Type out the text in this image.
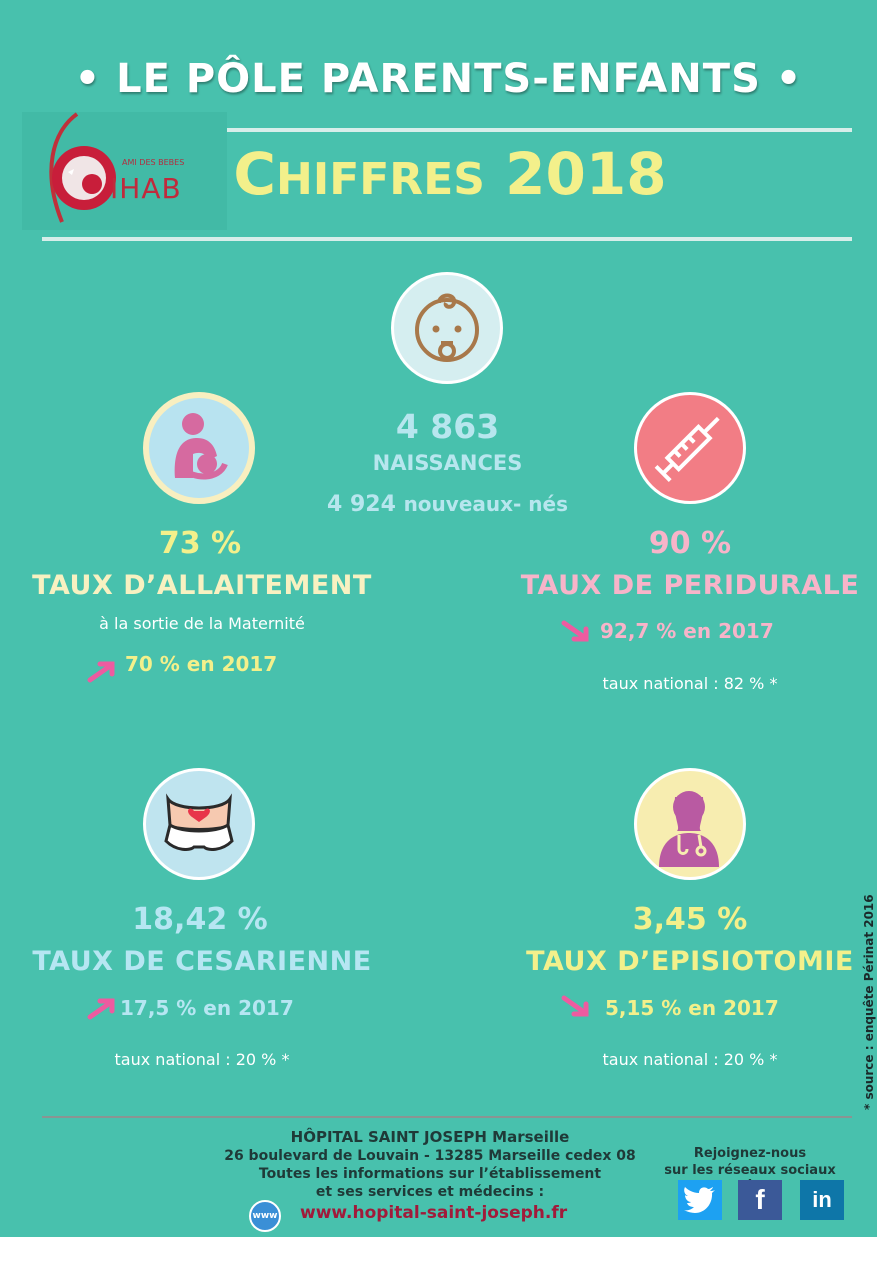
• LE PÔLE PARENTS-ENFANTS •
AMI DES BEBES
IHAB CHIFFRES 2018
4 863
NAISSANCES
4 924 nouveaux- nés
73 %
TAUX D’ALLAITEMENT
à la sortie de la Maternité
70 % en 2017
90 %
TAUX DE PERIDURALE
92,7 % en 2017
taux national : 82 % *
18,42 %
TAUX DE CESARIENNE
17,5 % en 2017
taux national : 20 % *
3,45 %
TAUX D’EPISIOTOMIE
5,15 % en 2017
taux national : 20 % *	* source : enquête Périnat 2016
HÔPITAL SAINT JOSEPH Marseille
26 boulevard de Louvain - 13285 Marseille cedex 08
Toutes les informations sur l’établissement
et ses services et médecins :
www www.hopital-saint-joseph.fr
Rejoignez-nous
sur les réseaux sociaux
f	in
